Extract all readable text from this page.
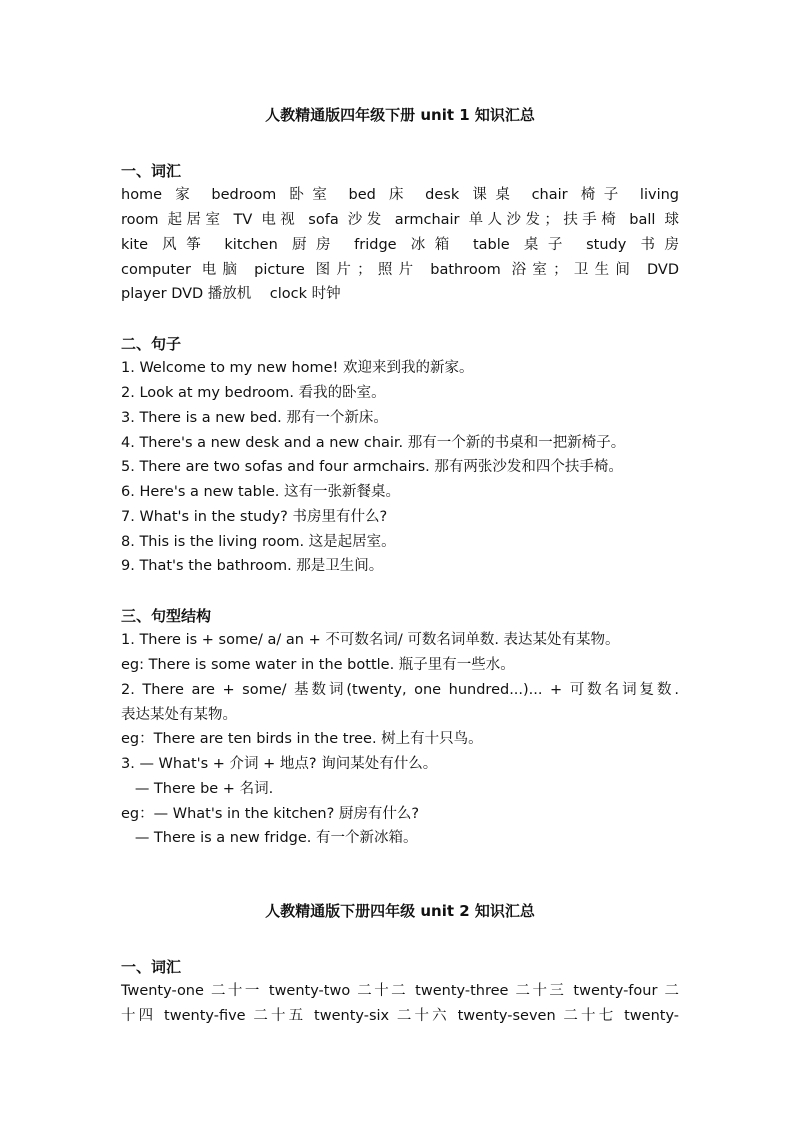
人教精通版四年级下册 unit 1 知识汇总
一、词汇
home 家 bedroom 卧室 bed 床 desk 课桌 chair 椅子 living
room 起居室 TV 电视 sofa 沙发 armchair 单人沙发；扶手椅 ball 球
kite 风筝 kitchen 厨房 fridge 冰箱 table 桌子 study 书房
computer 电脑 picture 图片；照片 bathroom 浴室；卫生间 DVD
player DVD 播放机    clock 时钟
二、句子
1. Welcome to my new home! 欢迎来到我的新家。
2. Look at my bedroom. 看我的卧室。
3. There is a new bed. 那有一个新床。
4. There's a new desk and a new chair. 那有一个新的书桌和一把新椅子。
5. There are two sofas and four armchairs. 那有两张沙发和四个扶手椅。
6. Here's a new table. 这有一张新餐桌。
7. What's in the study? 书房里有什么?
8. This is the living room. 这是起居室。
9. That's the bathroom. 那是卫生间。
三、句型结构
1. There is + some/ a/ an + 不可数名词/ 可数名词单数. 表达某处有某物。
eg: There is some water in the bottle. 瓶子里有一些水。
2. There are + some/ 基数词(twenty, one hundred...)... + 可数名词复数.
表达某处有某物。
eg：There are ten birds in the tree. 树上有十只鸟。
3. — What's + 介词 + 地点? 询问某处有什么。
— There be + 名词.
eg：— What's in the kitchen? 厨房有什么?
— There is a new fridge. 有一个新冰箱。
人教精通版下册四年级 unit 2 知识汇总
一、词汇
Twenty-one 二十一 twenty-two 二十二 twenty-three 二十三 twenty-four 二
十四 twenty-five 二十五 twenty-six 二十六 twenty-seven 二十七 twenty-
